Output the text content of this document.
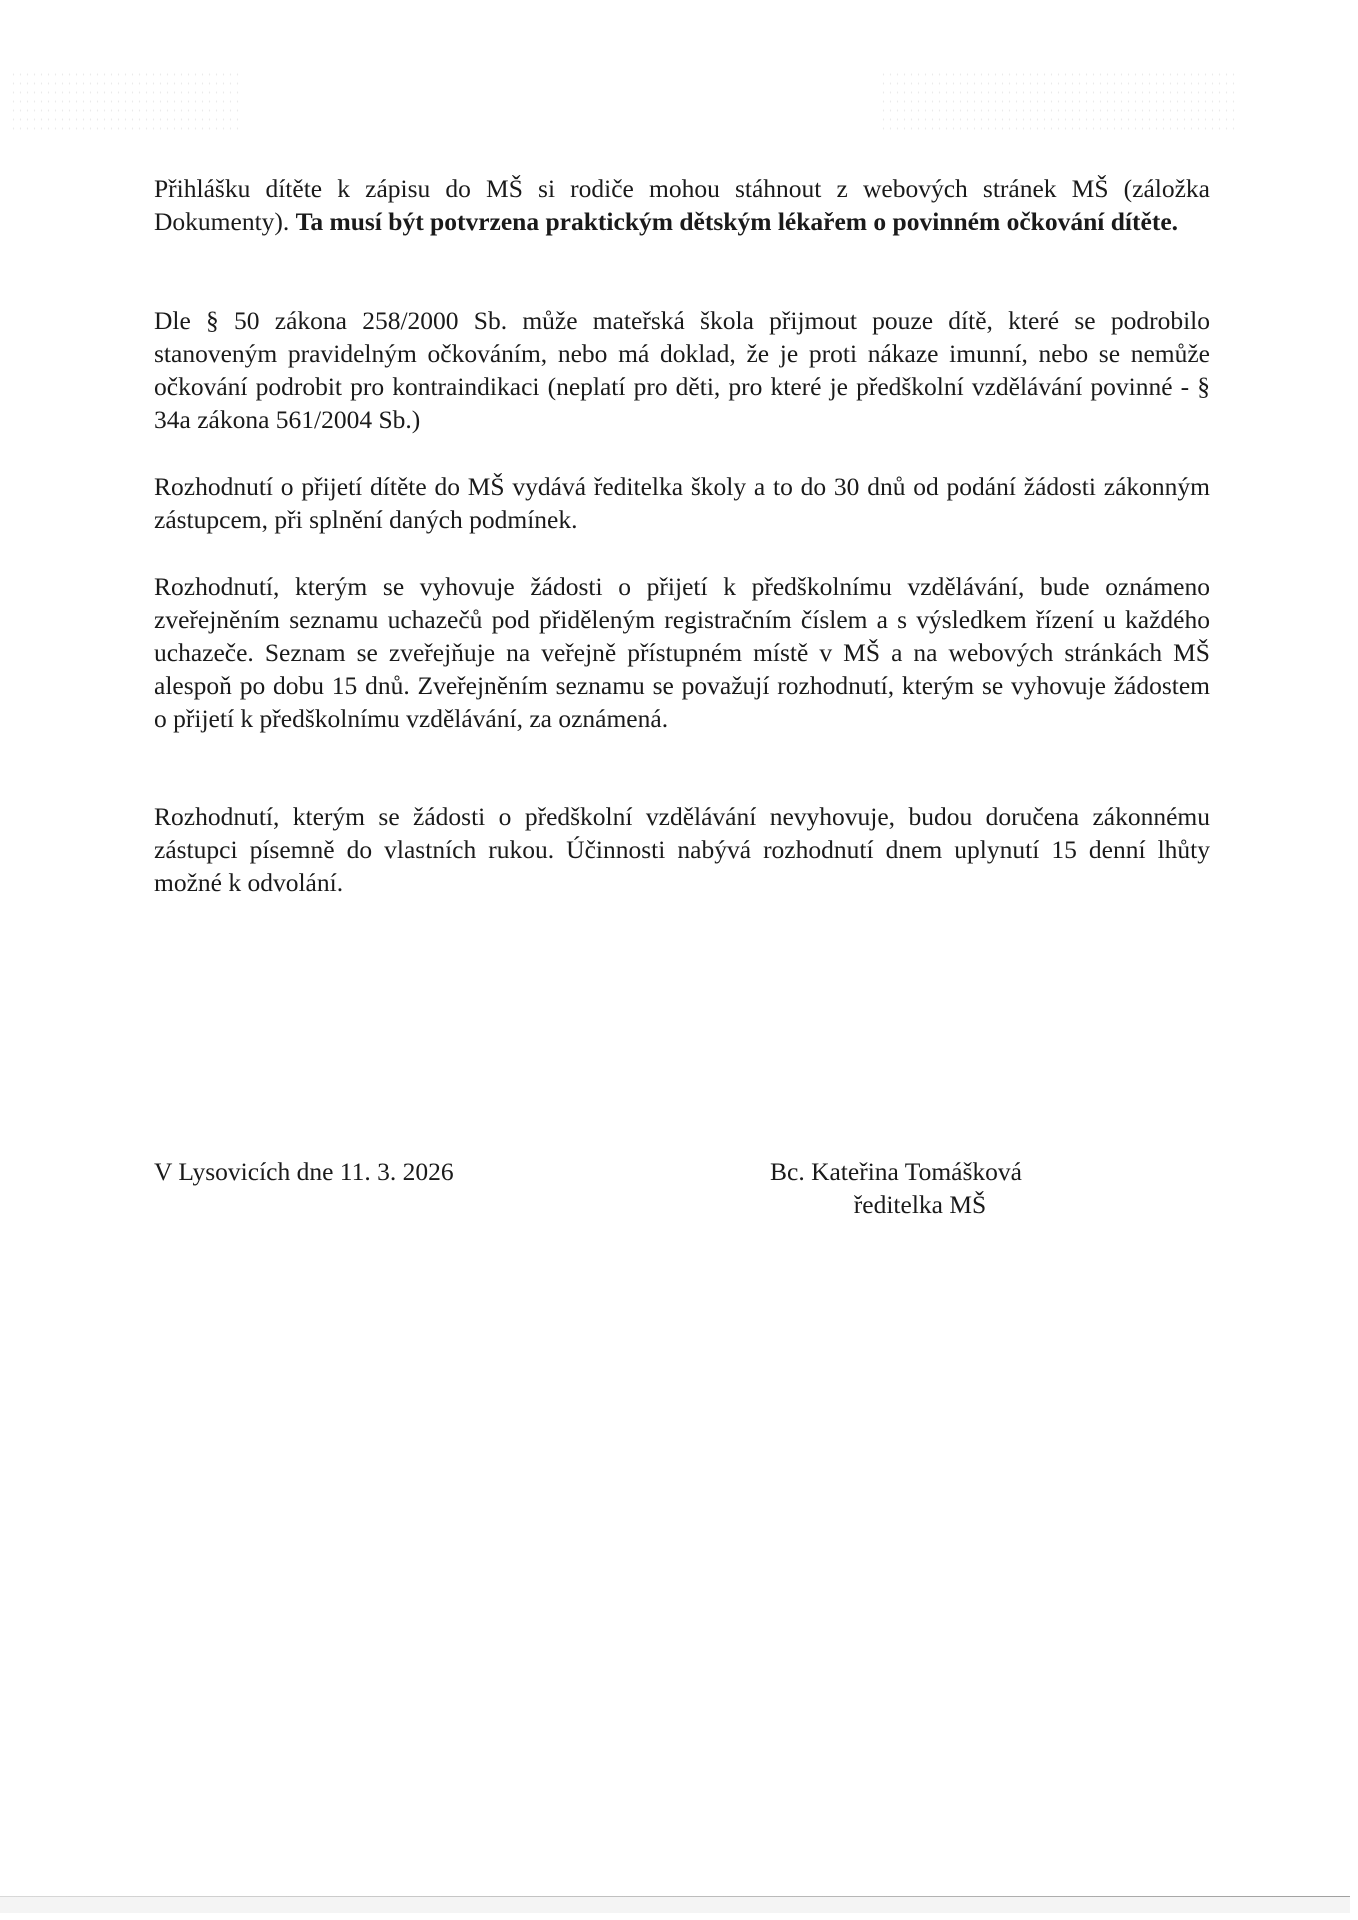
Přihlášku dítěte k zápisu do MŠ si rodiče mohou stáhnout z webových stránek MŠ (záložka Dokumenty). Ta musí být potvrzena praktickým dětským lékařem o povinném očkování dítěte.

Dle § 50 zákona 258/2000 Sb. může mateřská škola přijmout pouze dítě, které se podrobilo stanoveným pravidelným očkováním, nebo má doklad, že je proti nákaze imunní, nebo se nemůže očkování podrobit pro kontraindikaci (neplatí pro děti, pro které je předškolní vzdělávání povinné - § 34a zákona 561/2004 Sb.)

Rozhodnutí o přijetí dítěte do MŠ vydává ředitelka školy a to do 30 dnů od podání žádosti zákonným zástupcem, při splnění daných podmínek.

Rozhodnutí, kterým se vyhovuje žádosti o přijetí k předškolnímu vzdělávání, bude oznámeno zveřejněním seznamu uchazečů pod přiděleným registračním číslem a s výsledkem řízení u každého uchazeče. Seznam se zveřejňuje na veřejně přístupném místě v MŠ a na webových stránkách MŠ alespoň po dobu 15 dnů. Zveřejněním seznamu se považují rozhodnutí, kterým se vyhovuje žádostem o přijetí k předškolnímu vzdělávání, za oznámená.

Rozhodnutí, kterým se žádosti o předškolní vzdělávání nevyhovuje, budou doručena zákonnému zástupci písemně do vlastních rukou. Účinnosti nabývá rozhodnutí dnem uplynutí 15 denní lhůty možné k odvolání.

V Lysovicích dne 11. 3. 2026	Bc. Kateřina Tomášková
ředitelka MŠ
